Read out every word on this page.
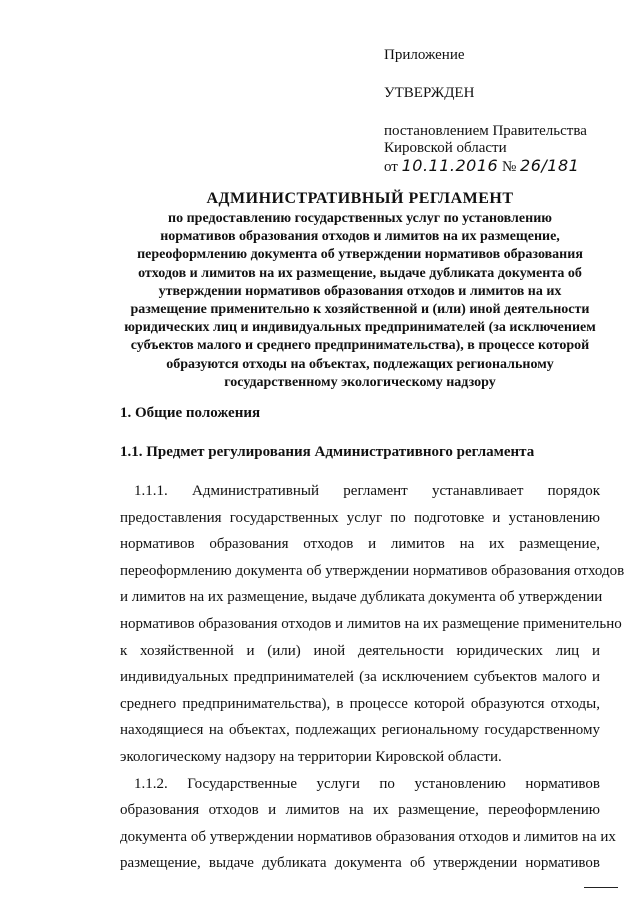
Приложение
УТВЕРЖДЕН
постановлением Правительства
Кировской области
от 10.11.2016 № 26/181
АДМИНИСТРАТИВНЫЙ РЕГЛАМЕНТ
по предоставлению государственных услуг по установлению
нормативов образования отходов и лимитов на их размещение,
переоформлению документа об утверждении нормативов образования
отходов и лимитов на их размещение, выдаче дубликата документа об
утверждении нормативов образования отходов и лимитов на их
размещение применительно к хозяйственной и (или) иной деятельности
юридических лиц и индивидуальных предпринимателей (за исключением
субъектов малого и среднего предпринимательства), в процессе которой
образуются отходы на объектах, подлежащих региональному
государственному экологическому надзору
1. Общие положения
1.1. Предмет регулирования Административного регламента
1.1.1. Административный регламент устанавливает порядок
предоставления государственных услуг по подготовке и установлению
нормативов образования отходов и лимитов на их размещение,
переоформлению документа об утверждении нормативов образования отходов
и лимитов на их размещение, выдаче дубликата документа об утверждении
нормативов образования отходов и лимитов на их размещение применительно
к хозяйственной и (или) иной деятельности юридических лиц и
индивидуальных предпринимателей (за исключением субъектов малого и
среднего предпринимательства), в процессе которой образуются отходы,
находящиеся на объектах, подлежащих региональному государственному
экологическому надзору на территории Кировской области.
1.1.2. Государственные услуги по установлению нормативов
образования отходов и лимитов на их размещение, переоформлению
документа об утверждении нормативов образования отходов и лимитов на их
размещение, выдаче дубликата документа об утверждении нормативов
